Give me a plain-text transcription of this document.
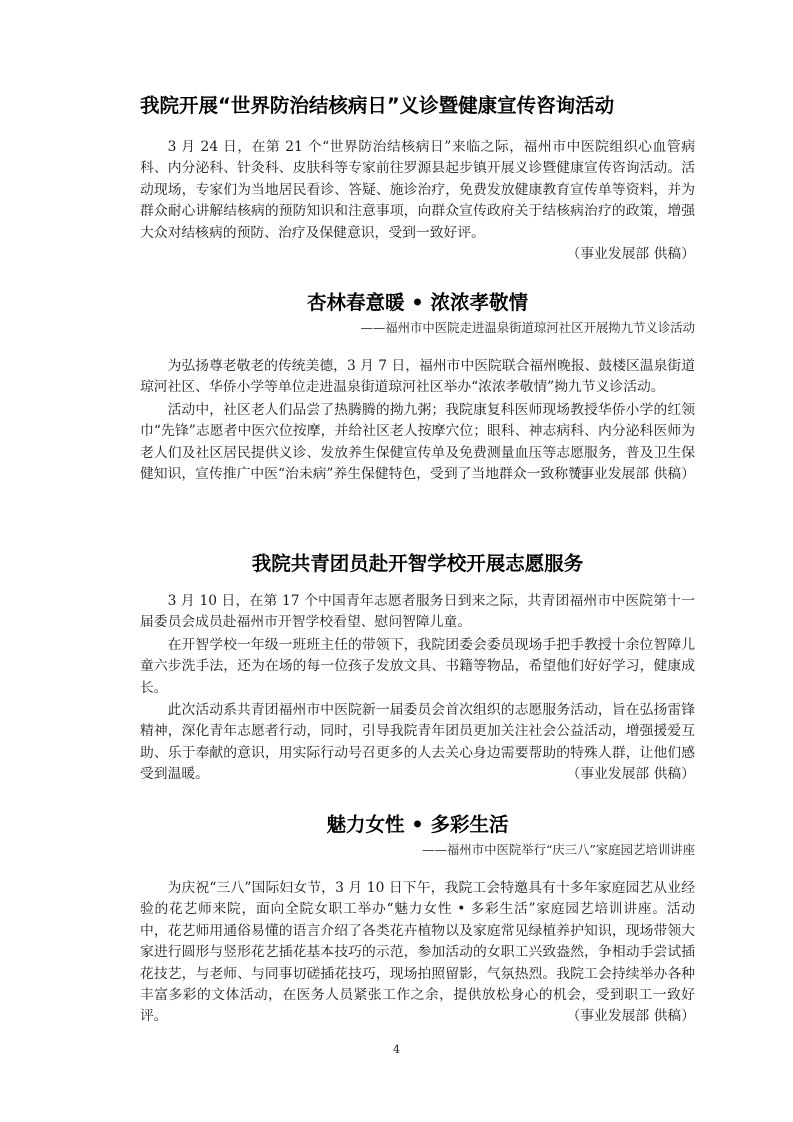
我院开展“世界防治结核病日”义诊暨健康宣传咨询活动
3 月 24 日，在第 21 个“世界防治结核病日”来临之际，福州市中医院组织心血管病科、内分泌科、针灸科、皮肤科等专家前往罗源县起步镇开展义诊暨健康宣传咨询活动。活动现场，专家们为当地居民看诊、答疑、施诊治疗，免费发放健康教育宣传单等资料，并为群众耐心讲解结核病的预防知识和注意事项，向群众宣传政府关于结核病治疗的政策，增强大众对结核病的预防、治疗及保健意识，受到一致好评。
（事业发展部 供稿）
杏林春意暖 • 浓浓孝敬情
——福州市中医院走进温泉街道琼河社区开展拗九节义诊活动
为弘扬尊老敬老的传统美德，3 月 7 日，福州市中医院联合福州晚报、鼓楼区温泉街道琼河社区、华侨小学等单位走进温泉街道琼河社区举办“浓浓孝敬情”拗九节义诊活动。
活动中，社区老人们品尝了热腾腾的拗九粥；我院康复科医师现场教授华侨小学的红领巾“先锋”志愿者中医穴位按摩，并给社区老人按摩穴位；眼科、神志病科、内分泌科医师为老人们及社区居民提供义诊、发放养生保健宣传单及免费测量血压等志愿服务，普及卫生保健知识，宣传推广中医“治未病”养生保健特色，受到了当地群众一致称赞。
（事业发展部 供稿）
我院共青团员赴开智学校开展志愿服务
3 月 10 日，在第 17 个中国青年志愿者服务日到来之际，共青团福州市中医院第十一届委员会成员赴福州市开智学校看望、慰问智障儿童。
在开智学校一年级一班班主任的带领下，我院团委会委员现场手把手教授十余位智障儿童六步洗手法，还为在场的每一位孩子发放文具、书籍等物品，希望他们好好学习，健康成长。
此次活动系共青团福州市中医院新一届委员会首次组织的志愿服务活动，旨在弘扬雷锋精神，深化青年志愿者行动，同时，引导我院青年团员更加关注社会公益活动，增强援爱互助、乐于奉献的意识，用实际行动号召更多的人去关心身边需要帮助的特殊人群，让他们感受到温暖。	（事业发展部 供稿）
魅力女性 • 多彩生活
——福州市中医院举行“庆三八”家庭园艺培训讲座
为庆祝“三八”国际妇女节，3 月 10 日下午，我院工会特邀具有十多年家庭园艺从业经验的花艺师来院，面向全院女职工举办“魅力女性 • 多彩生活”家庭园艺培训讲座。活动中，花艺师用通俗易懂的语言介绍了各类花卉植物以及家庭常见绿植养护知识，现场带领大家进行圆形与竖形花艺插花基本技巧的示范，参加活动的女职工兴致盎然，争相动手尝试插花技艺，与老师、与同事切磋插花技巧，现场拍照留影，气氛热烈。我院工会持续举办各种丰富多彩的文体活动，在医务人员紧张工作之余，提供放松身心的机会，受到职工一致好评。	（事业发展部 供稿）
4
